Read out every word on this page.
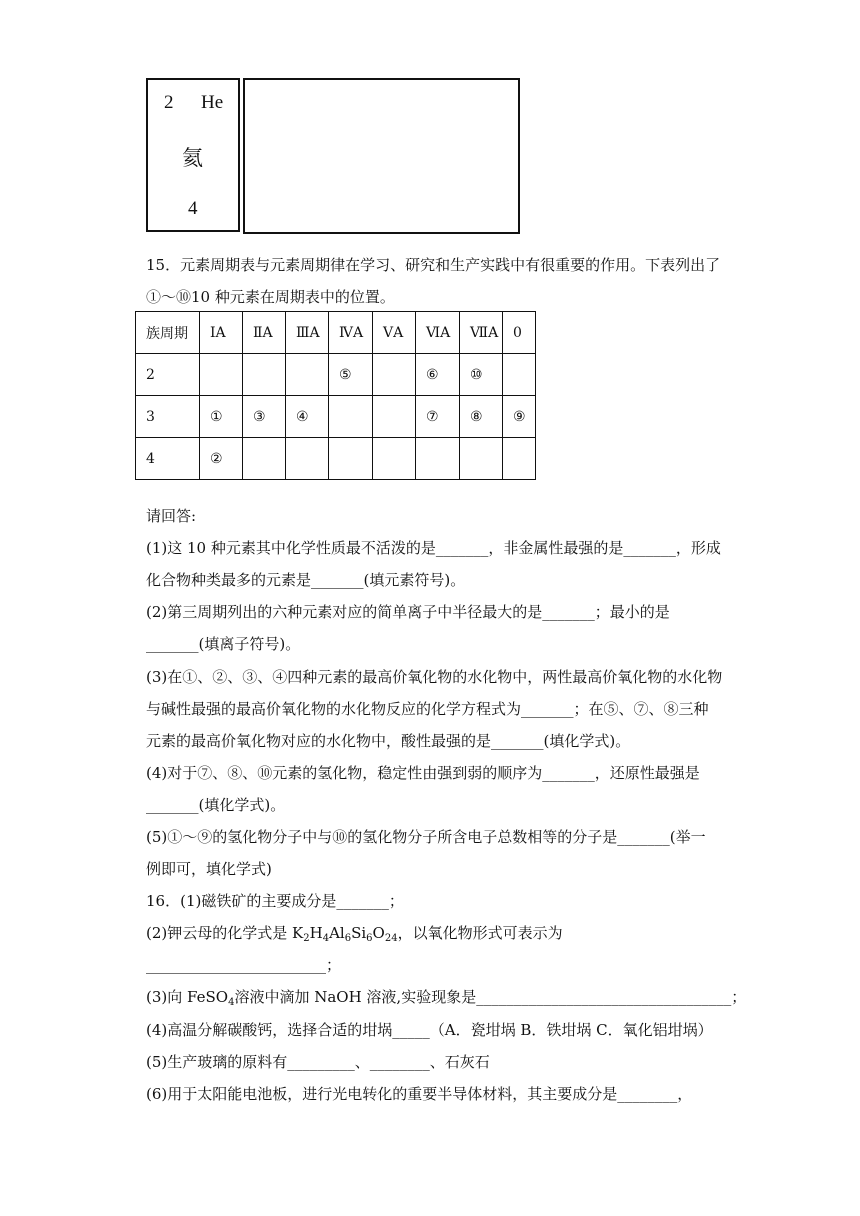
2 He
氦
4
15．元素周期表与元素周期律在学习、研究和生产实践中有很重要的作用。下表列出了
①～⑩10 种元素在周期表中的位置。
族周期	ⅠA	ⅡA	ⅢA	ⅣA	ⅤA	ⅥA	ⅦA	0
2				⑤		⑥	⑩	
3	①	③	④			⑦	⑧	⑨
4	②							
请回答:
(1)这 10 种元素其中化学性质最不活泼的是_______，非金属性最强的是_______，形成
化合物种类最多的元素是_______(填元素符号)。
(2)第三周期列出的六种元素对应的简单离子中半径最大的是_______；最小的是
_______(填离子符号)。
(3)在①、②、③、④四种元素的最高价氧化物的水化物中，两性最高价氧化物的水化物
与碱性最强的最高价氧化物的水化物反应的化学方程式为_______；在⑤、⑦、⑧三种
元素的最高价氧化物对应的水化物中，酸性最强的是_______(填化学式)。
(4)对于⑦、⑧、⑩元素的氢化物，稳定性由强到弱的顺序为_______，还原性最强是
_______(填化学式)。
(5)①～⑨的氢化物分子中与⑩的氢化物分子所含电子总数相等的分子是_______(举一
例即可，填化学式)
16．(1)磁铁矿的主要成分是_______；
(2)钾云母的化学式是 $K_2H_4Al_6Si_6O_{24}$，以氧化物形式可表示为
________________________；
(3)向 FeSO$_4$溶液中滴加 NaOH 溶液,实验现象是__________________________________；
(4)高温分解碳酸钙，选择合适的坩埚_____（A．瓷坩埚 B．铁坩埚 C．氧化铝坩埚）
(5)生产玻璃的原料有_________、________、石灰石
(6)用于太阳能电池板，进行光电转化的重要半导体材料，其主要成分是________，
